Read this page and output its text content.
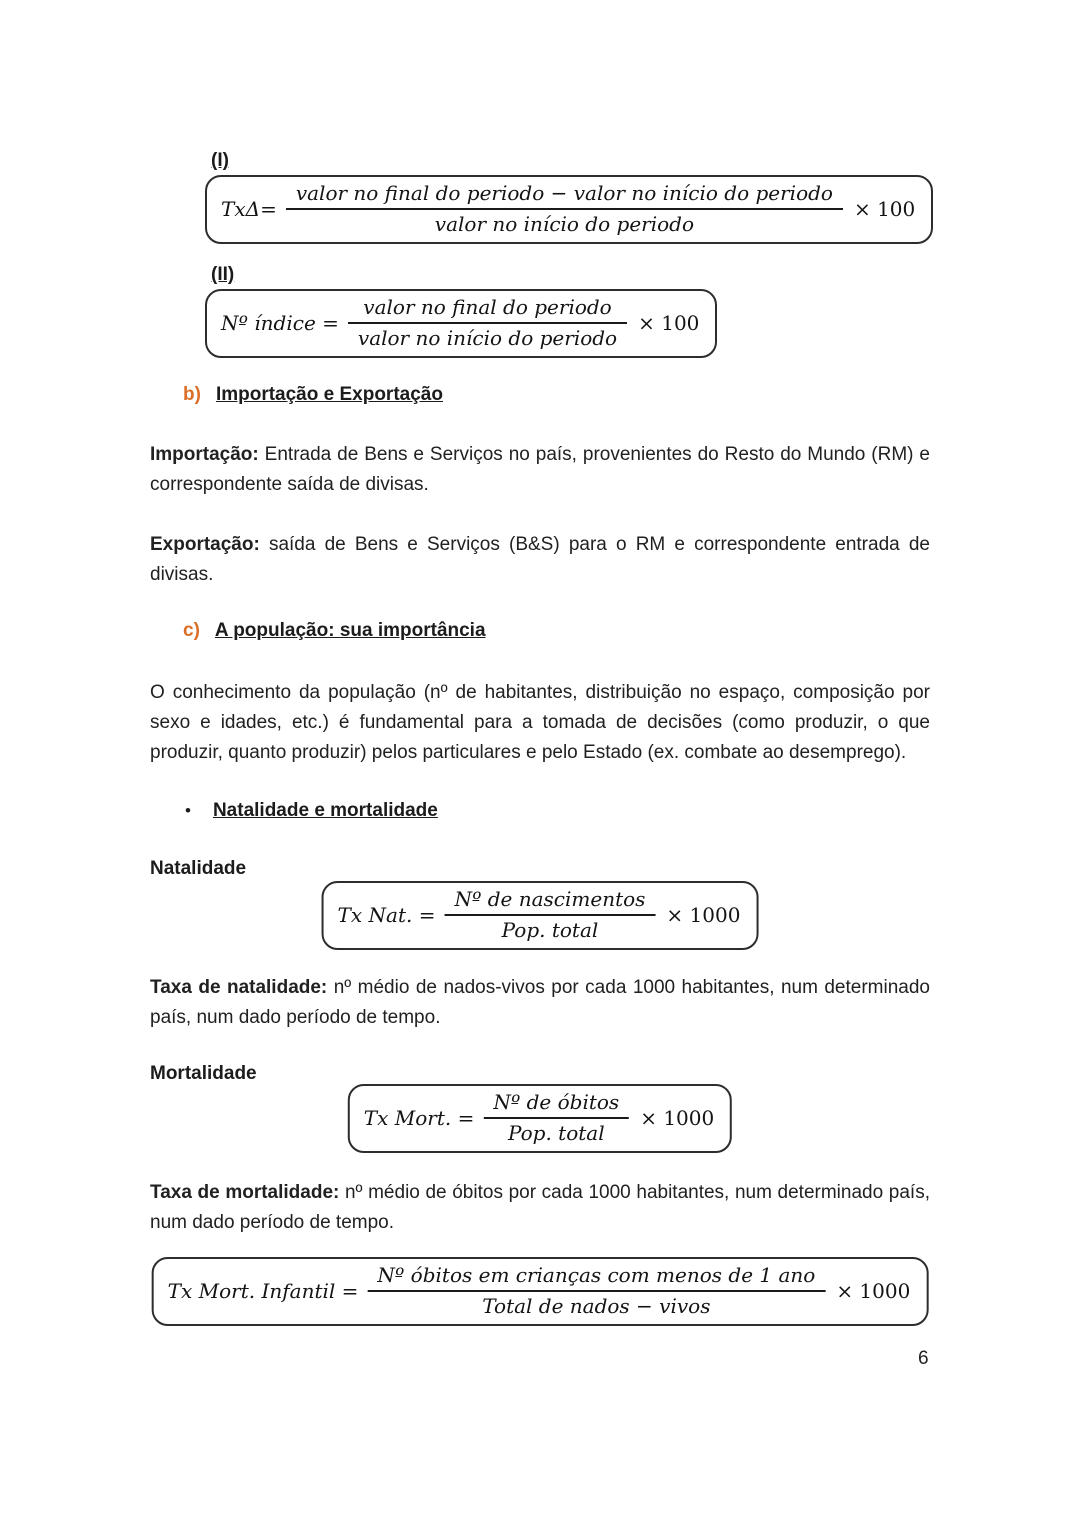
(I)
$Tx\Delta= \frac{\text{valor no final do periodo − valor no início do periodo}}{\text{valor no início do periodo}} \times 100$
(II)
Nº índice = $\frac{\text{valor no final do periodo}}{\text{valor no início do periodo}} \times 100$
b) Importação e Exportação

Importação: Entrada de Bens e Serviços no país, provenientes do Resto do Mundo (RM) e correspondente saída de divisas.

Exportação: saída de Bens e Serviços (B&S) para o RM e correspondente entrada de divisas.

c) A população: sua importância

O conhecimento da população (nº de habitantes, distribuição no espaço, composição por sexo e idades, etc.) é fundamental para a tomada de decisões (como produzir, o que produzir, quanto produzir) pelos particulares e pelo Estado (ex. combate ao desemprego).

• Natalidade e mortalidade
Natalidade
Tx Nat. = $\frac{\text{Nº de nascimentos}}{\text{Pop. total}} \times 1000$

Taxa de natalidade: nº médio de nados-vivos por cada 1000 habitantes, num determinado país, num dado período de tempo.

Mortalidade
Tx Mort. = $\frac{\text{Nº de óbitos}}{\text{Pop. total}} \times 1000$

Taxa de mortalidade: nº médio de óbitos por cada 1000 habitantes, num determinado país, num dado período de tempo.

Tx Mort. Infantil = $\frac{\text{Nº óbitos em crianças com menos de 1 ano}}{\text{Total de nados − vivos}} \times 1000$
6
